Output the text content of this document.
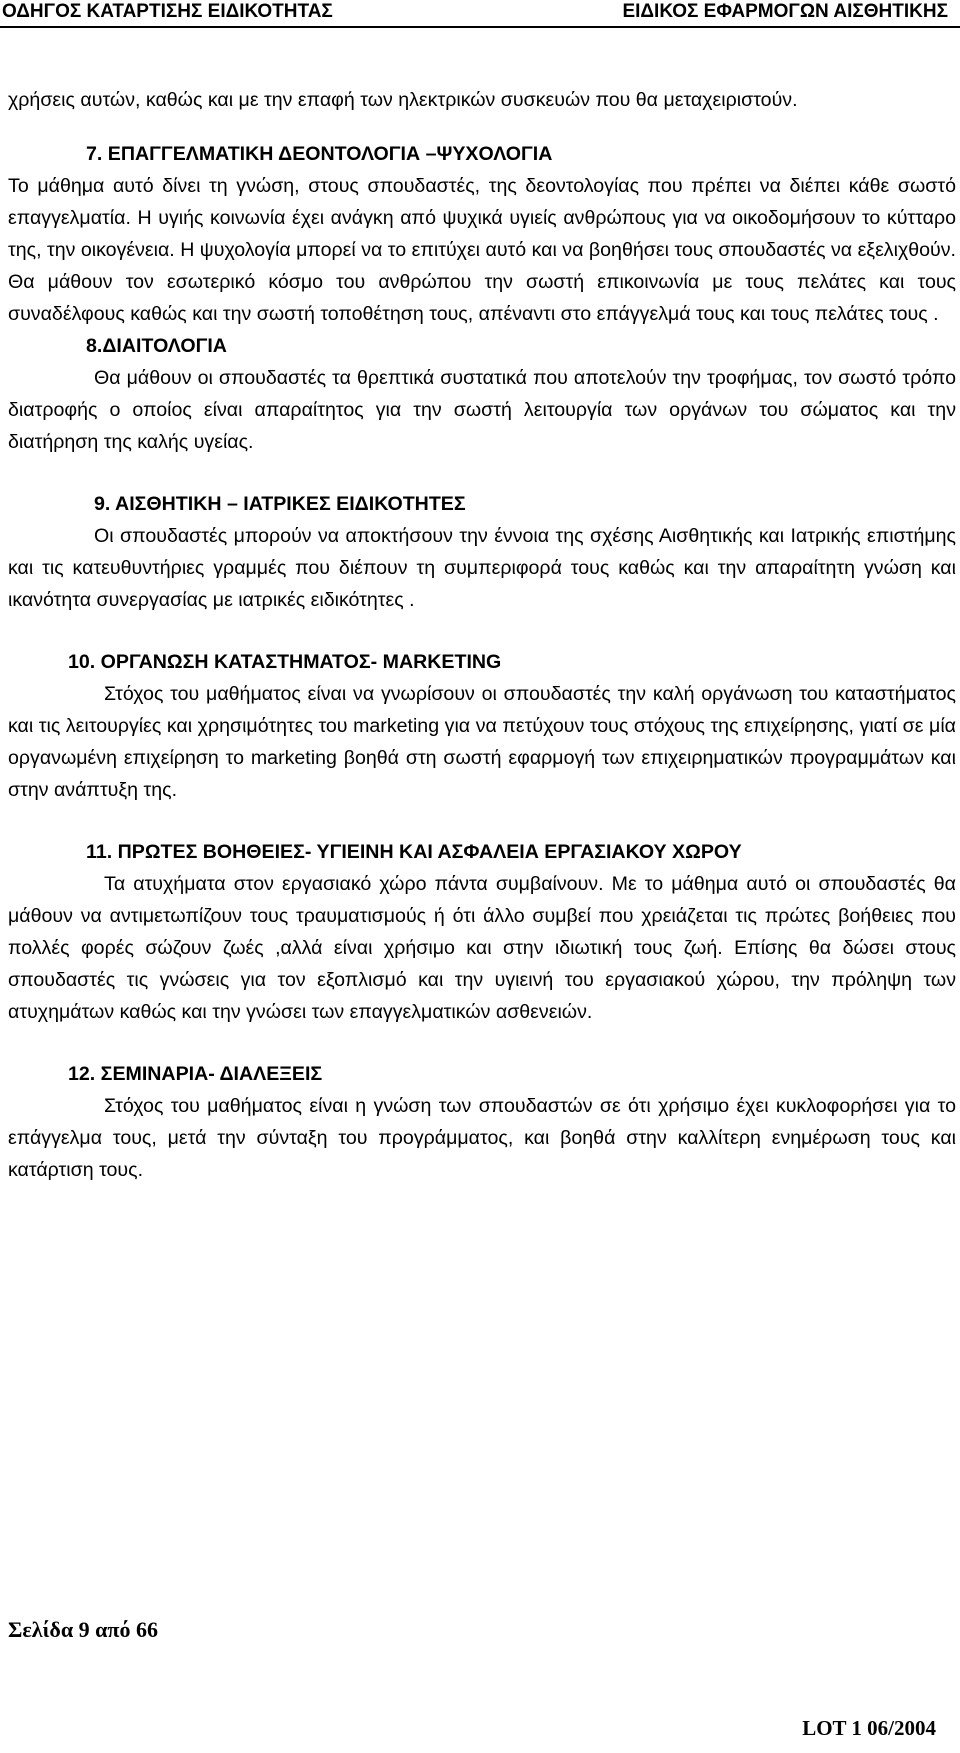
ΟΔΗΓΟΣ ΚΑΤΑΡΤΙΣΗΣ ΕΙΔΙΚΟΤΗΤΑΣ	ΕΙΔΙΚΟΣ ΕΦΑΡΜΟΓΩΝ ΑΙΣΘΗΤΙΚΗΣ

χρήσεις αυτών, καθώς και με την επαφή των ηλεκτρικών συσκευών που θα μεταχειριστούν.

7. ΕΠΑΓΓΕΛΜΑΤΙΚΗ ΔΕΟΝΤΟΛΟΓΙΑ –ΨΥΧΟΛΟΓΙΑ

Το μάθημα αυτό δίνει τη γνώση, στους σπουδαστές, της δεοντολογίας που πρέπει να διέπει κάθε σωστό επαγγελματία. Η υγιής κοινωνία έχει ανάγκη από ψυχικά υγιείς ανθρώπους για να οικοδομήσουν το κύτταρο της, την οικογένεια. Η ψυχολογία μπορεί να το επιτύχει αυτό και να βοηθήσει τους σπουδαστές να εξελιχθούν. Θα μάθουν τον εσωτερικό κόσμο του ανθρώπου την σωστή επικοινωνία με τους πελάτες και τους συναδέλφους καθώς και την σωστή τοποθέτηση τους, απέναντι στο επάγγελμά τους και τους πελάτες τους .

8.ΔΙΑΙΤΟΛΟΓΙΑ

Θα μάθουν οι σπουδαστές τα θρεπτικά συστατικά που αποτελούν την τροφήμας, τον σωστό τρόπο διατροφής ο οποίος είναι απαραίτητος για την σωστή λειτουργία των οργάνων του σώματος και την διατήρηση της καλής υγείας.

9. ΑΙΣΘΗΤΙΚΗ – ΙΑΤΡΙΚΕΣ ΕΙΔΙΚΟΤΗΤΕΣ

Οι σπουδαστές μπορούν να αποκτήσουν την έννοια της σχέσης Αισθητικής και Ιατρικής επιστήμης και τις κατευθυντήριες γραμμές που διέπουν τη συμπεριφορά τους καθώς και την απαραίτητη γνώση και ικανότητα συνεργασίας με ιατρικές ειδικότητες .

10. ΟΡΓΑΝΩΣΗ ΚΑΤΑΣΤΗΜΑΤΟΣ- MARKETING

Στόχος του μαθήματος είναι να γνωρίσουν οι σπουδαστές την καλή οργάνωση του καταστήματος και τις λειτουργίες και χρησιμότητες του marketing για να πετύχουν τους στόχους της επιχείρησης, γιατί σε μία οργανωμένη επιχείρηση το marketing βοηθά στη σωστή εφαρμογή των επιχειρηματικών προγραμμάτων και στην ανάπτυξη της.

11. ΠΡΩΤΕΣ ΒΟΗΘΕΙΕΣ- ΥΓΙΕΙΝΗ ΚΑΙ ΑΣΦΑΛΕΙΑ ΕΡΓΑΣΙΑΚΟΥ ΧΩΡΟΥ

Τα ατυχήματα στον εργασιακό χώρο πάντα συμβαίνουν. Με το μάθημα αυτό οι σπουδαστές θα μάθουν να αντιμετωπίζουν τους τραυματισμούς ή ότι άλλο συμβεί που χρειάζεται τις πρώτες βοήθειες που πολλές φορές σώζουν ζωές ,αλλά είναι χρήσιμο και στην ιδιωτική τους ζωή. Επίσης θα δώσει στους σπουδαστές τις γνώσεις για τον εξοπλισμό και την υγιεινή του εργασιακού χώρου, την πρόληψη των ατυχημάτων καθώς και την γνώσει των επαγγελματικών ασθενειών.

12. ΣΕΜΙΝΑΡΙΑ- ΔΙΑΛΕΞΕΙΣ

Στόχος του μαθήματος είναι η γνώση των σπουδαστών σε ότι χρήσιμο έχει κυκλοφορήσει για το επάγγελμα τους, μετά την σύνταξη του προγράμματος, και βοηθά στην καλλίτερη ενημέρωση τους και κατάρτιση τους.

Σελίδα 9 από 66
LOT 1 06/2004
